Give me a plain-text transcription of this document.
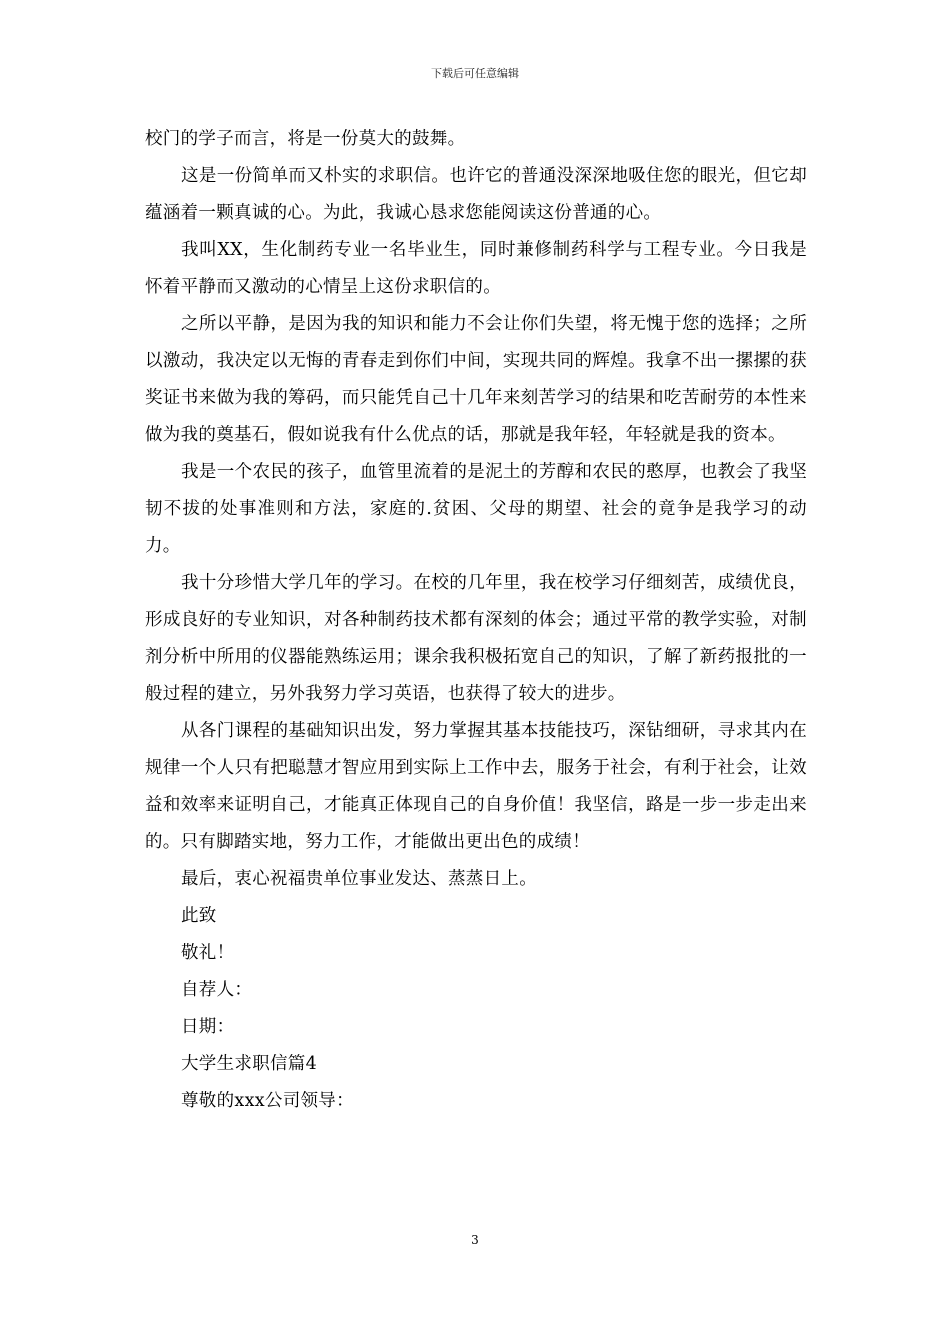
下载后可任意编辑

校门的学子而言，将是一份莫大的鼓舞。

这是一份简单而又朴实的求职信。也许它的普通没深深地吸住您的眼光，但它却蕴涵着一颗真诚的心。为此，我诚心恳求您能阅读这份普通的心。

我叫XX，生化制药专业一名毕业生，同时兼修制药科学与工程专业。今日我是怀着平静而又激动的心情呈上这份求职信的。

之所以平静，是因为我的知识和能力不会让你们失望，将无愧于您的选择；之所以激动，我决定以无悔的青春走到你们中间，实现共同的辉煌。我拿不出一摞摞的获奖证书来做为我的筹码，而只能凭自己十几年来刻苦学习的结果和吃苦耐劳的本性来做为我的奠基石，假如说我有什么优点的话，那就是我年轻，年轻就是我的资本。

我是一个农民的孩子，血管里流着的是泥土的芳醇和农民的憨厚，也教会了我坚韧不拔的处事准则和方法，家庭的.贫困、父母的期望、社会的竟争是我学习的动力。

我十分珍惜大学几年的学习。在校的几年里，我在校学习仔细刻苦，成绩优良，形成良好的专业知识，对各种制药技术都有深刻的体会；通过平常的教学实验，对制剂分析中所用的仪器能熟练运用；课余我积极拓宽自己的知识，了解了新药报批的一般过程的建立，另外我努力学习英语，也获得了较大的进步。

从各门课程的基础知识出发，努力掌握其基本技能技巧，深钻细研，寻求其内在规律一个人只有把聪慧才智应用到实际上工作中去，服务于社会，有利于社会，让效益和效率来证明自己，才能真正体现自己的自身价值！我坚信，路是一步一步走出来的。只有脚踏实地，努力工作，才能做出更出色的成绩！

最后，衷心祝福贵单位事业发达、蒸蒸日上。

此致

敬礼！

自荐人：

日期：

大学生求职信篇4

尊敬的xxx公司领导：

3
